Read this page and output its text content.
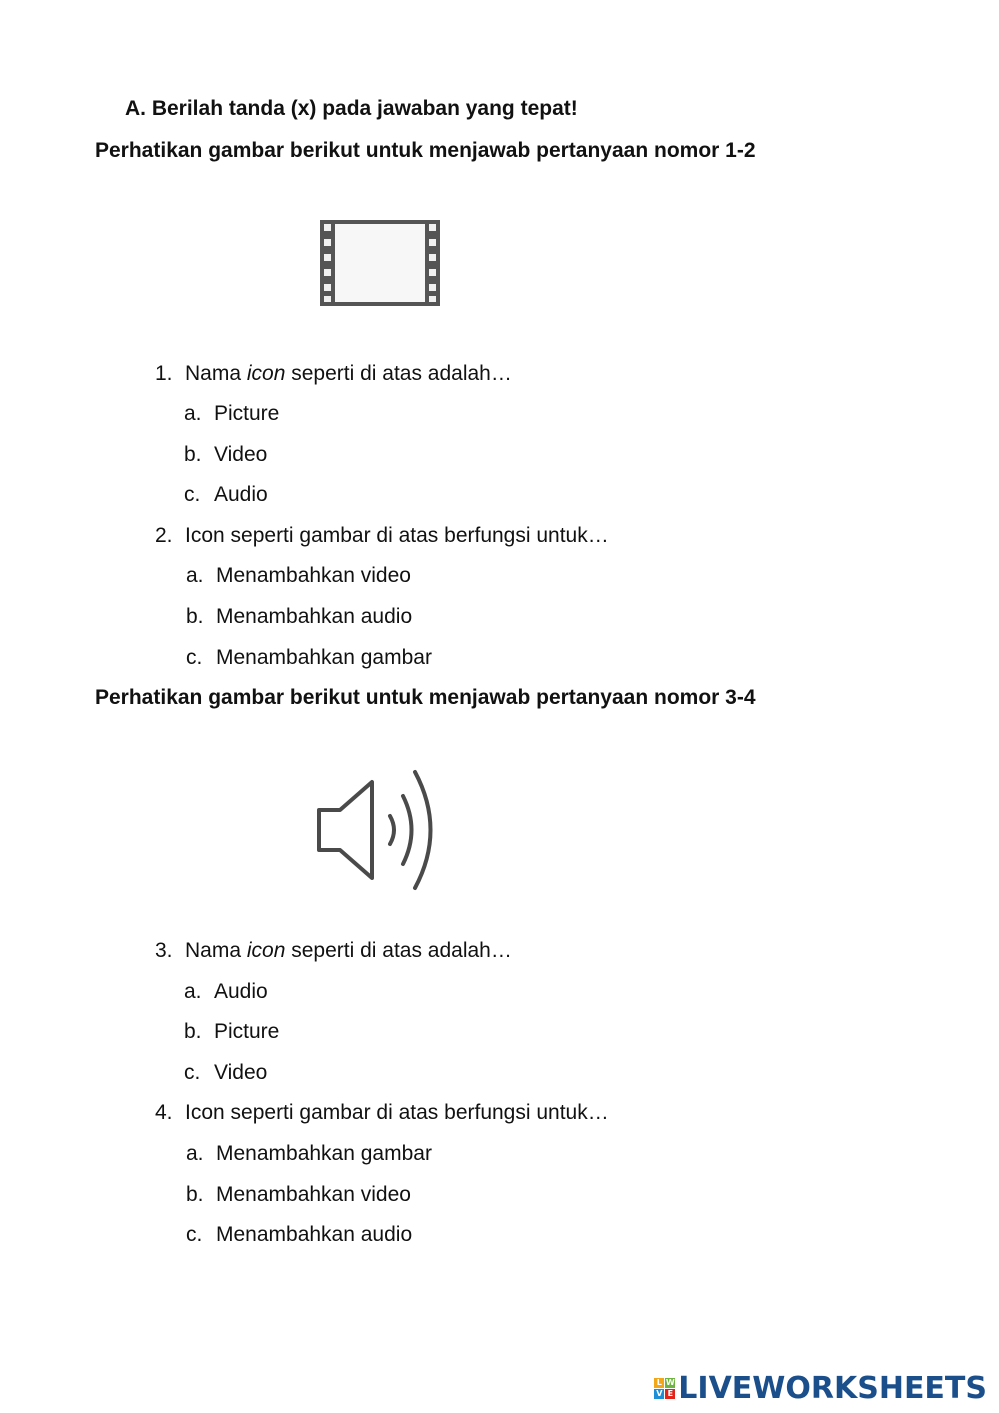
A. Berilah tanda (x) pada jawaban yang tepat!
Perhatikan gambar berikut untuk menjawab pertanyaan nomor 1-2
1. Nama icon seperti di atas adalah…
a. Picture
b. Video
c. Audio
2. Icon seperti gambar di atas berfungsi untuk…
a. Menambahkan video
b. Menambahkan audio
c. Menambahkan gambar
Perhatikan gambar berikut untuk menjawab pertanyaan nomor 3-4
3. Nama icon seperti di atas adalah…
a. Audio
b. Picture
c. Video
4. Icon seperti gambar di atas berfungsi untuk…
a. Menambahkan gambar
b. Menambahkan video
c. Menambahkan audio
L W
V E LIVEWORKSHEETS
